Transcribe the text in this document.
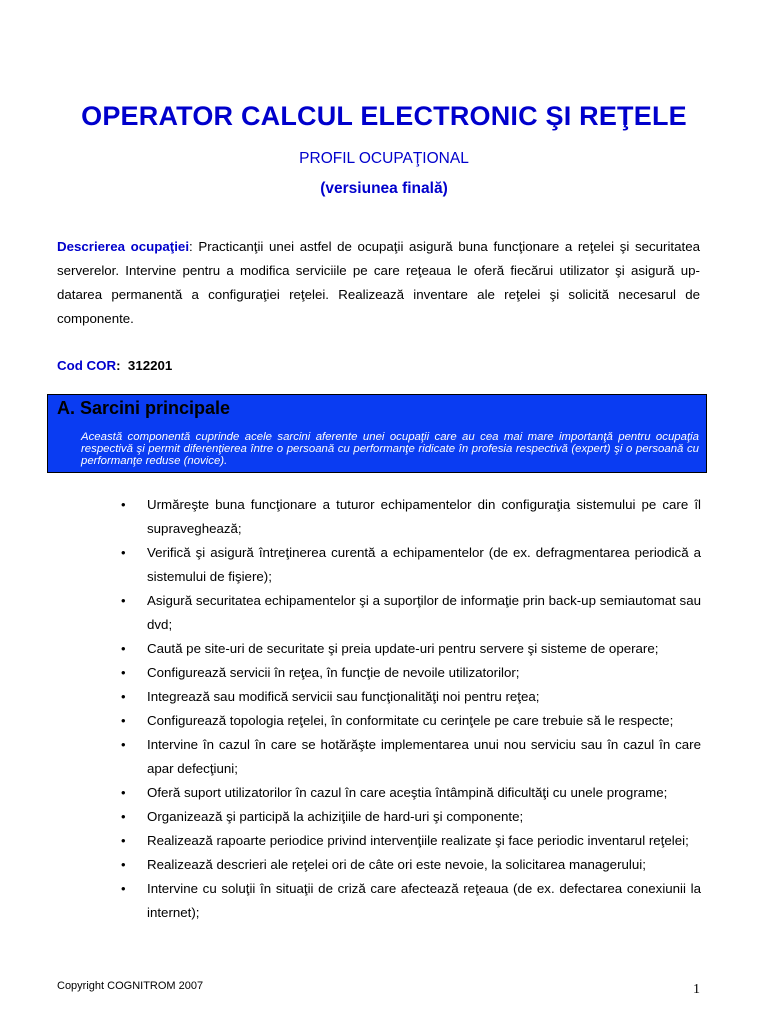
OPERATOR CALCUL ELECTRONIC ŞI REŢELE

PROFIL OCUPAŢIONAL

(versiunea finală)

Descrierea ocupaţiei: Practicanţii unei astfel de ocupaţii asigură buna funcţionare a reţelei şi securitatea serverelor. Intervine pentru a modifica serviciile pe care reţeaua le oferă fiecărui utilizator şi asigură up-datarea permanentă a configuraţiei reţelei. Realizează inventare ale reţelei şi solicită necesarul de componente.

Cod COR: 312201

A. Sarcini principale

Această componentă cuprinde acele sarcini aferente unei ocupaţii care au cea mai mare importanţă pentru ocupaţia respectivă şi permit diferenţierea între o persoană cu performanţe ridicate în profesia respectivă (expert) şi o persoană cu performanţe reduse (novice).

• Urmăreşte buna funcţionare a tuturor echipamentelor din configuraţia sistemului pe care îl supraveghează;
• Verifică şi asigură întreţinerea curentă a echipamentelor (de ex. defragmentarea periodică a sistemului de fişiere);
• Asigură securitatea echipamentelor şi a suporţilor de informaţie prin back-up semiautomat sau dvd;
• Caută pe site-uri de securitate şi preia update-uri pentru servere şi sisteme de operare;
• Configurează servicii în reţea, în funcţie de nevoile utilizatorilor;
• Integrează sau modifică servicii sau funcţionalităţi noi pentru reţea;
• Configurează topologia reţelei, în conformitate cu cerinţele pe care trebuie să le respecte;
• Intervine în cazul în care se hotărăşte implementarea unui nou serviciu sau în cazul în care apar defecţiuni;
• Oferă suport utilizatorilor în cazul în care aceştia întâmpină dificultăţi cu unele programe;
• Organizează şi participă la achiziţiile de hard-uri şi componente;
• Realizează rapoarte periodice privind intervenţiile realizate şi face periodic inventarul reţelei;
• Realizează descrieri ale reţelei ori de câte ori este nevoie, la solicitarea managerului;
• Intervine cu soluţii în situaţii de criză care afectează reţeaua (de ex. defectarea conexiunii la internet);

Copyright COGNITROM 2007	1
